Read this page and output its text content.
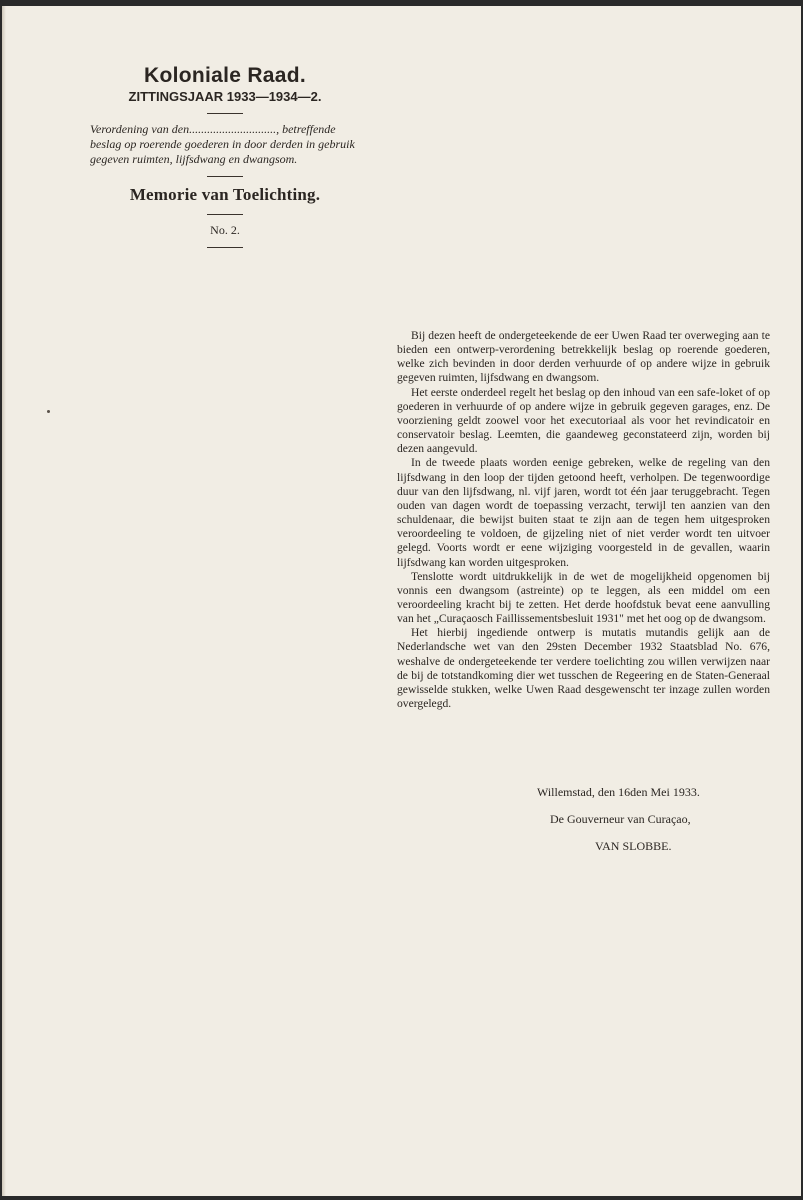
Koloniale Raad.
ZITTINGSJAAR 1933—1934—2.
Verordening van den............................., betreffende beslag op roerende goederen in door derden in gebruik gegeven ruimten, lijfsdwang en dwangsom.
Memorie van Toelichting.
No. 2.

Bij dezen heeft de ondergeteekende de eer Uwen Raad ter overweging aan te bieden een ontwerp-verordening betrekkelijk beslag op roerende goederen, welke zich bevinden in door derden verhuurde of op andere wijze in gebruik gegeven ruimten, lijfsdwang en dwangsom.

Het eerste onderdeel regelt het beslag op den inhoud van een safe-loket of op goederen in verhuurde of op andere wijze in gebruik gegeven garages, enz. De voorziening geldt zoowel voor het executoriaal als voor het revindicatoir en conservatoir beslag. Leemten, die gaandeweg geconstateerd zijn, worden bij dezen aangevuld.

In de tweede plaats worden eenige gebreken, welke de regeling van den lijfsdwang in den loop der tijden getoond heeft, verholpen. De tegenwoordige duur van den lijfsdwang, nl. vijf jaren, wordt tot één jaar teruggebracht. Tegen ouden van dagen wordt de toepassing verzacht, terwijl ten aanzien van den schuldenaar, die bewijst buiten staat te zijn aan de tegen hem uitgesproken veroordeeling te voldoen, de gijzeling niet of niet verder wordt ten uitvoer gelegd. Voorts wordt er eene wijziging voorgesteld in de gevallen, waarin lijfsdwang kan worden uitgesproken.

Tenslotte wordt uitdrukkelijk in de wet de mogelijkheid opgenomen bij vonnis een dwangsom (astreinte) op te leggen, als een middel om een veroordeeling kracht bij te zetten. Het derde hoofdstuk bevat eene aanvulling van het „Curaçaosch Faillissementsbesluit 1931" met het oog op de dwangsom.

Het hierbij ingediende ontwerp is mutatis mutandis gelijk aan de Nederlandsche wet van den 29sten December 1932 Staatsblad No. 676, weshalve de ondergeteekende ter verdere toelichting zou willen verwijzen naar de bij de totstandkoming dier wet tusschen de Regeering en de Staten-Generaal gewisselde stukken, welke Uwen Raad desgewenscht ter inzage zullen worden overgelegd.

Willemstad, den 16den Mei 1933.
De Gouverneur van Curaçao,
VAN SLOBBE.
